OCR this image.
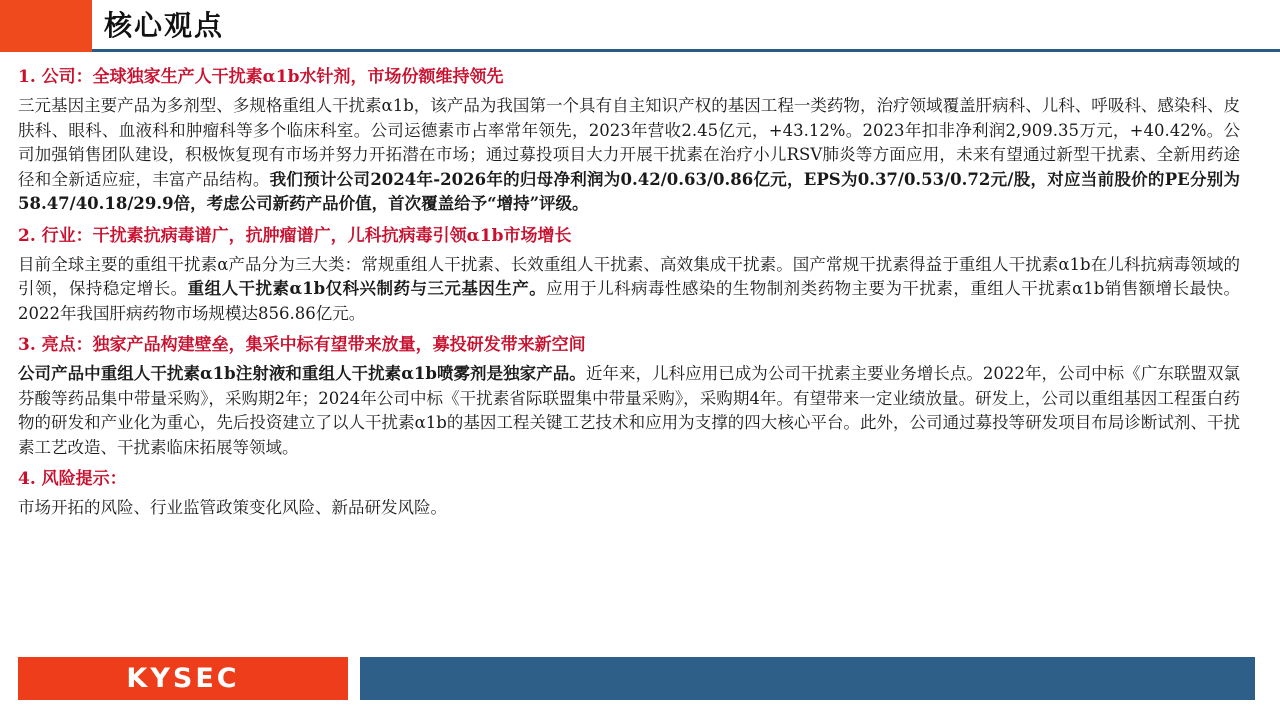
核心观点

1. 公司：全球独家生产人干扰素α1b水针剂，市场份额维持领先

三元基因主要产品为多剂型、多规格重组人干扰素α1b，该产品为我国第一个具有自主知识产权的基因工程一类药物，治疗领域覆盖肝病科、儿科、呼吸科、感染科、皮肤科、眼科、血液科和肿瘤科等多个临床科室。公司运德素市占率常年领先，2023年营收2.45亿元，+43.12%。2023年扣非净利润2,909.35万元，+40.42%。公司加强销售团队建设，积极恢复现有市场并努力开拓潜在市场；通过募投项目大力开展干扰素在治疗小儿RSV肺炎等方面应用，未来有望通过新型干扰素、全新用药途径和全新适应症，丰富产品结构。我们预计公司2024年-2026年的归母净利润为0.42/0.63/0.86亿元，EPS为0.37/0.53/0.72元/股，对应当前股价的PE分别为58.47/40.18/29.9倍，考虑公司新药产品价值，首次覆盖给予“增持”评级。

2. 行业：干扰素抗病毒谱广，抗肿瘤谱广，儿科抗病毒引领α1b市场增长

目前全球主要的重组干扰素α产品分为三大类：常规重组人干扰素、长效重组人干扰素、高效集成干扰素。国产常规干扰素得益于重组人干扰素α1b在儿科抗病毒领域的引领，保持稳定增长。重组人干扰素α1b仅科兴制药与三元基因生产。应用于儿科病毒性感染的生物制剂类药物主要为干扰素，重组人干扰素α1b销售额增长最快。2022年我国肝病药物市场规模达856.86亿元。

3. 亮点：独家产品构建壁垒，集采中标有望带来放量，募投研发带来新空间

公司产品中重组人干扰素α1b注射液和重组人干扰素α1b喷雾剂是独家产品。近年来，儿科应用已成为公司干扰素主要业务增长点。2022年，公司中标《广东联盟双氯芬酸等药品集中带量采购》，采购期2年；2024年公司中标《干扰素省际联盟集中带量采购》，采购期4年。有望带来一定业绩放量。研发上，公司以重组基因工程蛋白药物的研发和产业化为重心，先后投资建立了以人干扰素α1b的基因工程关键工艺技术和应用为支撑的四大核心平台。此外，公司通过募投等研发项目布局诊断试剂、干扰素工艺改造、干扰素临床拓展等领域。

4. 风险提示：

市场开拓的风险、行业监管政策变化风险、新品研发风险。

KYSEC
